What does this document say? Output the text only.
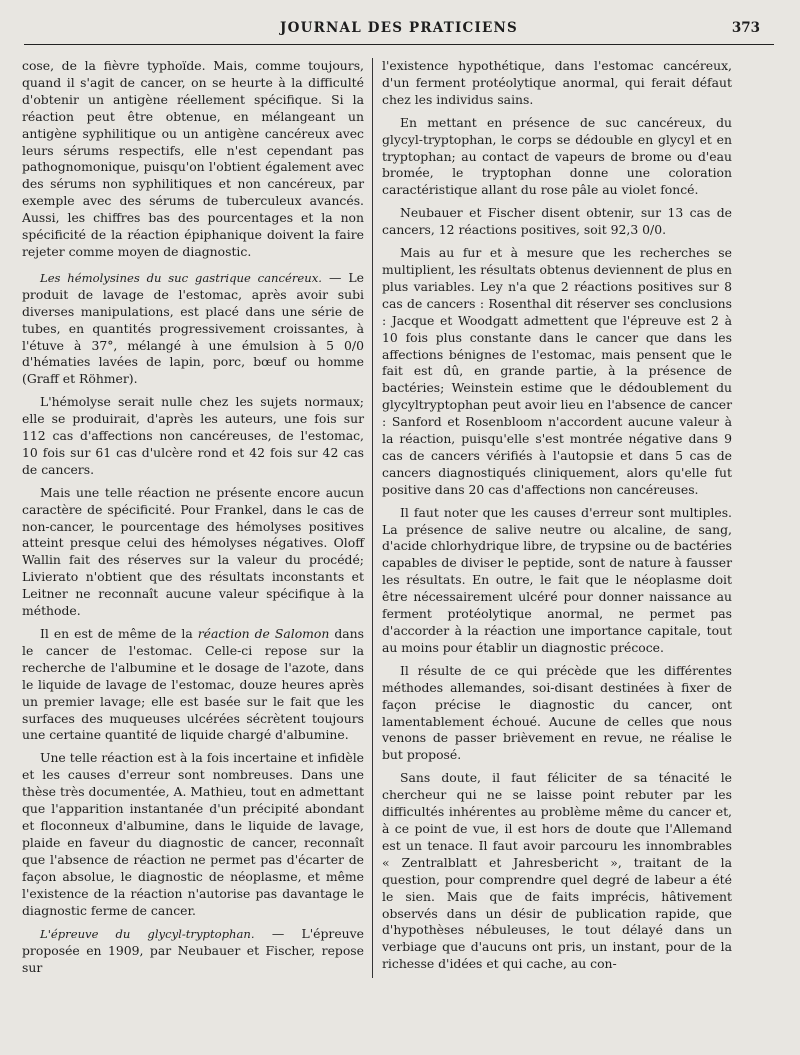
JOURNAL DES PRATICIENS	373

cose, de la fièvre typhoïde. Mais, comme toujours, quand il s'agit de cancer, on se heurte à la difficulté d'obtenir un antigène réellement spécifique. Si la réaction peut être obtenue, en mélangeant un antigène syphilitique ou un antigène cancéreux avec leurs sérums respectifs, elle n'est cependant pas pathognomonique, puisqu'on l'obtient également avec des sérums non syphilitiques et non cancéreux, par exemple avec des sérums de tuberculeux avancés. Aussi, les chiffres bas des pourcentages et la non spécificité de la réaction épiphanique doivent la faire rejeter comme moyen de diagnostic.

Les hémolysines du suc gastrique cancéreux. — Le produit de lavage de l'estomac, après avoir subi diverses manipulations, est placé dans une série de tubes, en quantités progressivement croissantes, à l'étuve à 37°, mélangé à une émulsion à 5 0/0 d'hématies lavées de lapin, porc, bœuf ou homme (Graff et Röhmer).

L'hémolyse serait nulle chez les sujets normaux; elle se produirait, d'après les auteurs, une fois sur 112 cas d'affections non cancéreuses, de l'estomac, 10 fois sur 61 cas d'ulcère rond et 42 fois sur 42 cas de cancers.

Mais une telle réaction ne présente encore aucun caractère de spécificité. Pour Frankel, dans le cas de non-cancer, le pourcentage des hémolyses positives atteint presque celui des hémolyses négatives. Oloff Wallin fait des réserves sur la valeur du procédé; Livierato n'obtient que des résultats inconstants et Leitner ne reconnaît aucune valeur spécifique à la méthode.

Il en est de même de la réaction de Salomon dans le cancer de l'estomac. Celle-ci repose sur la recherche de l'albumine et le dosage de l'azote, dans le liquide de lavage de l'estomac, douze heures après un premier lavage; elle est basée sur le fait que les surfaces des muqueuses ulcérées sécrètent toujours une certaine quantité de liquide chargé d'albumine.

Une telle réaction est à la fois incertaine et infidèle et les causes d'erreur sont nombreuses. Dans une thèse très documentée, A. Mathieu, tout en admettant que l'apparition instantanée d'un précipité abondant et floconneux d'albumine, dans le liquide de lavage, plaide en faveur du diagnostic de cancer, reconnaît que l'absence de réaction ne permet pas d'écarter de façon absolue, le diagnostic de néoplasme, et même l'existence de la réaction n'autorise pas davantage le diagnostic ferme de cancer.

L'épreuve du glycyl-tryptophan. — L'épreuve proposée en 1909, par Neubauer et Fischer, repose sur

l'existence hypothétique, dans l'estomac cancéreux, d'un ferment protéolytique anormal, qui ferait défaut chez les individus sains.

En mettant en présence de suc cancéreux, du glycyl-tryptophan, le corps se dédouble en glycyl et en tryptophan; au contact de vapeurs de brome ou d'eau bromée, le tryptophan donne une coloration caractéristique allant du rose pâle au violet foncé.

Neubauer et Fischer disent obtenir, sur 13 cas de cancers, 12 réactions positives, soit 92,3 0/0.

Mais au fur et à mesure que les recherches se multiplient, les résultats obtenus deviennent de plus en plus variables. Ley n'a que 2 réactions positives sur 8 cas de cancers : Rosenthal dit réserver ses conclusions : Jacque et Woodgatt admettent que l'épreuve est 2 à 10 fois plus constante dans le cancer que dans les affections bénignes de l'estomac, mais pensent que le fait est dû, en grande partie, à la présence de bactéries; Weinstein estime que le dédoublement du glycyltryptophan peut avoir lieu en l'absence de cancer : Sanford et Rosenbloom n'accordent aucune valeur à la réaction, puisqu'elle s'est montrée négative dans 9 cas de cancers vérifiés à l'autopsie et dans 5 cas de cancers diagnostiqués cliniquement, alors qu'elle fut positive dans 20 cas d'affections non cancéreuses.

Il faut noter que les causes d'erreur sont multiples. La présence de salive neutre ou alcaline, de sang, d'acide chlorhydrique libre, de trypsine ou de bactéries capables de diviser le peptide, sont de nature à fausser les résultats. En outre, le fait que le néoplasme doit être nécessairement ulcéré pour donner naissance au ferment protéolytique anormal, ne permet pas d'accorder à la réaction une importance capitale, tout au moins pour établir un diagnostic précoce.

Il résulte de ce qui précède que les différentes méthodes allemandes, soi-disant destinées à fixer de façon précise le diagnostic du cancer, ont lamentablement échoué. Aucune de celles que nous venons de passer brièvement en revue, ne réalise le but proposé.

Sans doute, il faut féliciter de sa ténacité le chercheur qui ne se laisse point rebuter par les difficultés inhérentes au problème même du cancer et, à ce point de vue, il est hors de doute que l'Allemand est un tenace. Il faut avoir parcouru les innombrables « Zentralblatt et Jahresbericht », traitant de la question, pour comprendre quel degré de labeur a été le sien. Mais que de faits imprécis, hâtivement observés dans un désir de publication rapide, que d'hypothèses nébuleuses, le tout délayé dans un verbiage que d'aucuns ont pris, un instant, pour de la richesse d'idées et qui cache, au con-
